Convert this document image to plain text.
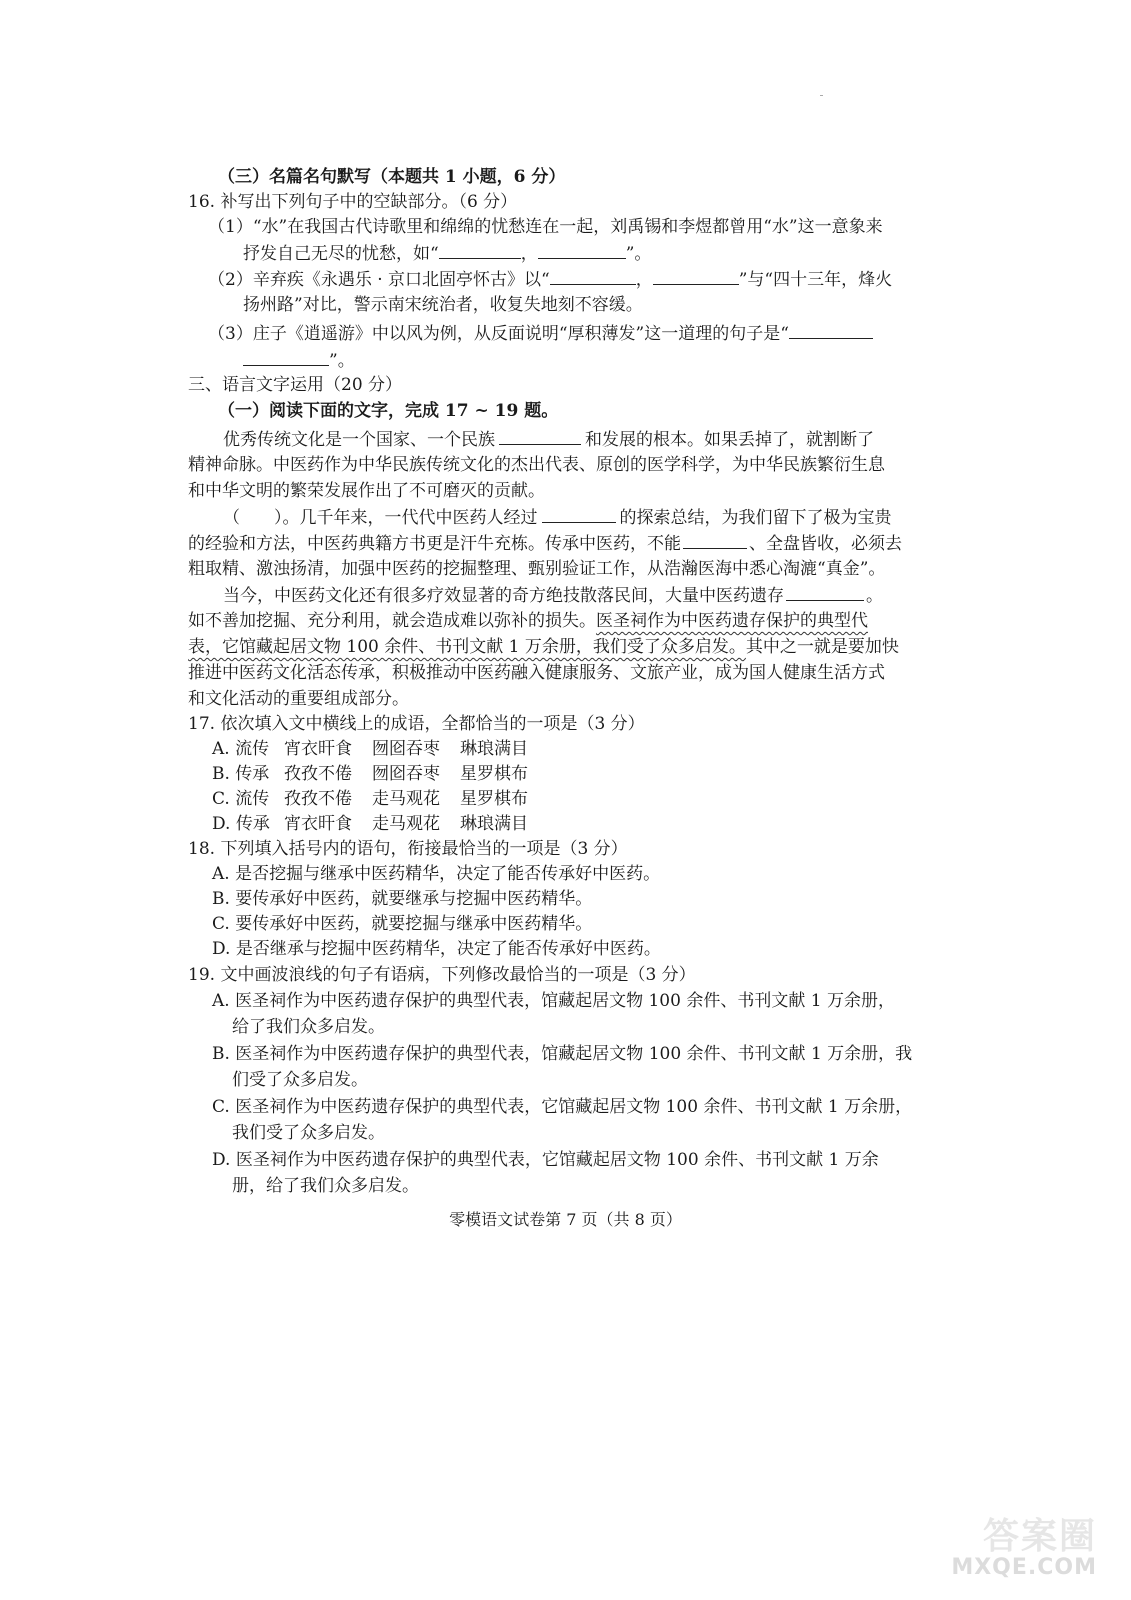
（三）名篇名句默写（本题共 1 小题，6 分）
16. 补写出下列句子中的空缺部分。（6 分）
（1）“水”在我国古代诗歌里和绵绵的忧愁连在一起，刘禹锡和李煜都曾用“水”这一意象来
抒发自己无尽的忧愁，如“	，	”。
（2）辛弃疾《永遇乐 · 京口北固亭怀古》以“	，	”与“四十三年，烽火
扬州路”对比，警示南宋统治者，收复失地刻不容缓。
（3）庄子《逍遥游》中以风为例，从反面说明“厚积薄发”这一道理的句子是“
”。
三、语言文字运用（20 分）
（一）阅读下面的文字，完成 17 ~ 19 题。
优秀传统文化是一个国家、一个民族	和发展的根本。如果丢掉了，就割断了
精神命脉。中医药作为中华民族传统文化的杰出代表、原创的医学科学，为中华民族繁衍生息
和中华文明的繁荣发展作出了不可磨灭的贡献。
（　　）。几千年来，一代代中医药人经过	的探索总结，为我们留下了极为宝贵
的经验和方法，中医药典籍方书更是汗牛充栋。传承中医药，不能	、全盘皆收，必须去
粗取精、激浊扬清，加强中医药的挖掘整理、甄别验证工作，从浩瀚医海中悉心淘漉“真金”。
当今，中医药文化还有很多疗效显著的奇方绝技散落民间，大量中医药遗存	。
如不善加挖掘、充分利用，就会造成难以弥补的损失。医圣祠作为中医药遗存保护的典型代
表，它馆藏起居文物 100 余件、书刊文献 1 万余册，我们受了众多启发。其中之一就是要加快
推进中医药文化活态传承，积极推动中医药融入健康服务、文旅产业，成为国人健康生活方式
和文化活动的重要组成部分。
17. 依次填入文中横线上的成语，全都恰当的一项是（3 分）
A. 流传 宵衣旰食 囫囵吞枣 琳琅满目
B. 传承 孜孜不倦 囫囵吞枣 星罗棋布
C. 流传 孜孜不倦 走马观花 星罗棋布
D. 传承 宵衣旰食 走马观花 琳琅满目
18. 下列填入括号内的语句，衔接最恰当的一项是（3 分）
A. 是否挖掘与继承中医药精华，决定了能否传承好中医药。
B. 要传承好中医药，就要继承与挖掘中医药精华。
C. 要传承好中医药，就要挖掘与继承中医药精华。
D. 是否继承与挖掘中医药精华，决定了能否传承好中医药。
19. 文中画波浪线的句子有语病，下列修改最恰当的一项是（3 分）
A. 医圣祠作为中医药遗存保护的典型代表，馆藏起居文物 100 余件、书刊文献 1 万余册，
给了我们众多启发。
B. 医圣祠作为中医药遗存保护的典型代表，馆藏起居文物 100 余件、书刊文献 1 万余册，我
们受了众多启发。
C. 医圣祠作为中医药遗存保护的典型代表，它馆藏起居文物 100 余件、书刊文献 1 万余册，
我们受了众多启发。
D. 医圣祠作为中医药遗存保护的典型代表，它馆藏起居文物 100 余件、书刊文献 1 万余
册，给了我们众多启发。
零模语文试卷第 7 页（共 8 页）
答案圈
MXQE.COM
